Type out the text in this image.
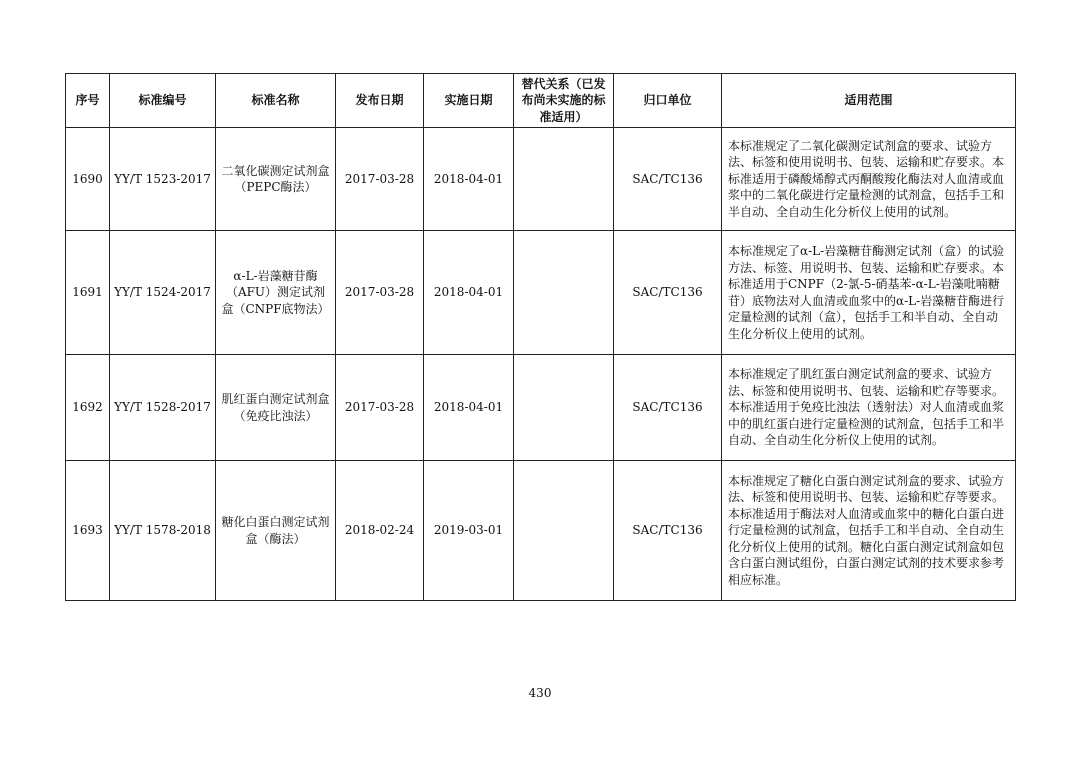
序号	标准编号	标准名称	发布日期	实施日期	替代关系（已发布尚未实施的标准适用）	归口单位	适用范围
1690	YY/T 1523-2017	二氧化碳测定试剂盒（PEPC酶法）	2017-03-28	2018-04-01		SAC/TC136	本标准规定了二氧化碳测定试剂盒的要求、试验方法、标签和使用说明书、包装、运输和贮存要求。本标准适用于磷酸烯醇式丙酮酸羧化酶法对人血清或血浆中的二氧化碳进行定量检测的试剂盒，包括手工和半自动、全自动生化分析仪上使用的试剂。
1691	YY/T 1524-2017	α-L-岩藻糖苷酶（AFU）测定试剂盒（CNPF底物法）	2017-03-28	2018-04-01		SAC/TC136	本标准规定了α-L-岩藻糖苷酶测定试剂（盒）的试验方法、标签、用说明书、包装、运输和贮存要求。本标准适用于CNPF（2-氯-5-硝基苯-α-L-岩藻吡喃糖苷）底物法对人血清或血浆中的α-L-岩藻糖苷酶进行定量检测的试剂（盒），包括手工和半自动、全自动生化分析仪上使用的试剂。
1692	YY/T 1528-2017	肌红蛋白测定试剂盒（免疫比浊法）	2017-03-28	2018-04-01		SAC/TC136	本标准规定了肌红蛋白测定试剂盒的要求、试验方法、标签和使用说明书、包装、运输和贮存等要求。本标准适用于免疫比浊法（透射法）对人血清或血浆中的肌红蛋白进行定量检测的试剂盒，包括手工和半自动、全自动生化分析仪上使用的试剂。
1693	YY/T 1578-2018	糖化白蛋白测定试剂盒（酶法）	2018-02-24	2019-03-01		SAC/TC136	本标准规定了糖化白蛋白测定试剂盒的要求、试验方法、标签和使用说明书、包装、运输和贮存等要求。本标准适用于酶法对人血清或血浆中的糖化白蛋白进行定量检测的试剂盒，包括手工和半自动、全自动生化分析仪上使用的试剂。糖化白蛋白测定试剂盒如包含白蛋白测试组份，白蛋白测定试剂的技术要求参考相应标准。
430
